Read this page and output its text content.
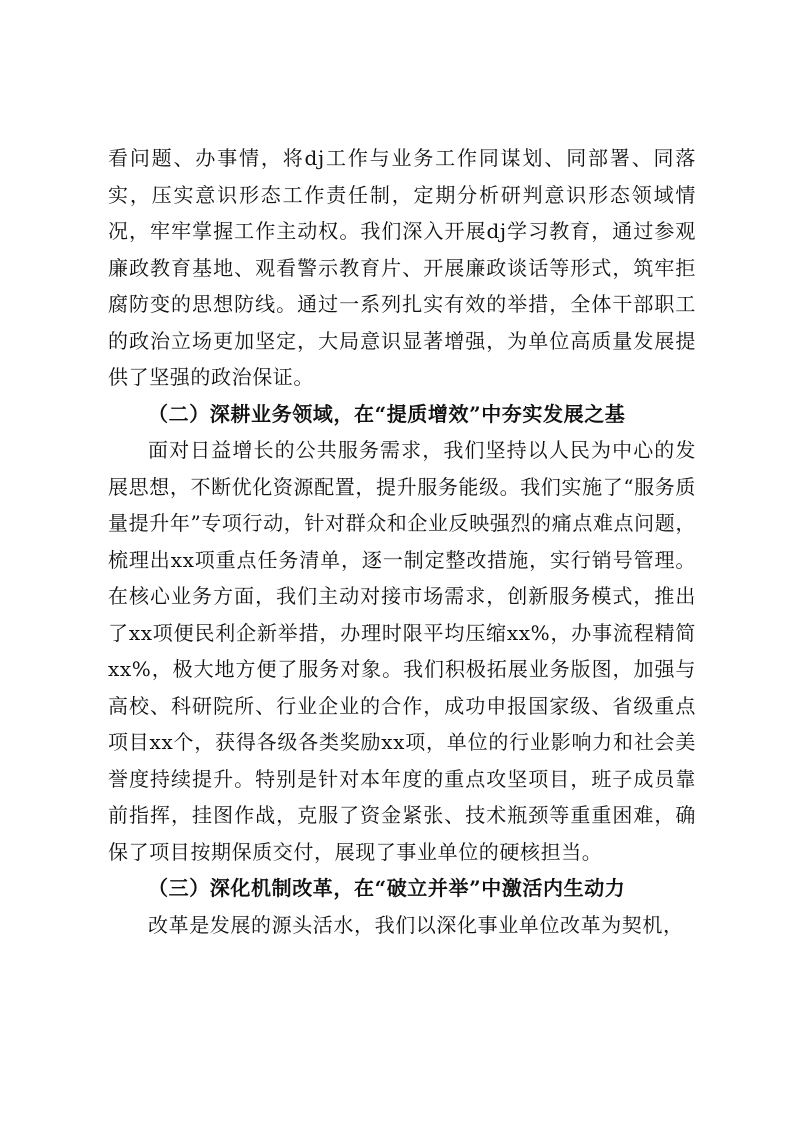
看问题、办事情，将dj工作与业务工作同谋划、同部署、同落实，压实意识形态工作责任制，定期分析研判意识形态领域情况，牢牢掌握工作主动权。我们深入开展dj学习教育，通过参观廉政教育基地、观看警示教育片、开展廉政谈话等形式，筑牢拒腐防变的思想防线。通过一系列扎实有效的举措，全体干部职工的政治立场更加坚定，大局意识显著增强，为单位高质量发展提供了坚强的政治保证。

（二）深耕业务领域，在“提质增效”中夯实发展之基

面对日益增长的公共服务需求，我们坚持以人民为中心的发展思想，不断优化资源配置，提升服务能级。我们实施了“服务质量提升年”专项行动，针对群众和企业反映强烈的痛点难点问题，梳理出xx项重点任务清单，逐一制定整改措施，实行销号管理。在核心业务方面，我们主动对接市场需求，创新服务模式，推出了xx项便民利企新举措，办理时限平均压缩xx%，办事流程精简xx%，极大地方便了服务对象。我们积极拓展业务版图，加强与高校、科研院所、行业企业的合作，成功申报国家级、省级重点项目xx个，获得各级各类奖励xx项，单位的行业影响力和社会美誉度持续提升。特别是针对本年度的重点攻坚项目，班子成员靠前指挥，挂图作战，克服了资金紧张、技术瓶颈等重重困难，确保了项目按期保质交付，展现了事业单位的硬核担当。

（三）深化机制改革，在“破立并举”中激活内生动力

改革是发展的源头活水，我们以深化事业单位改革为契机，
